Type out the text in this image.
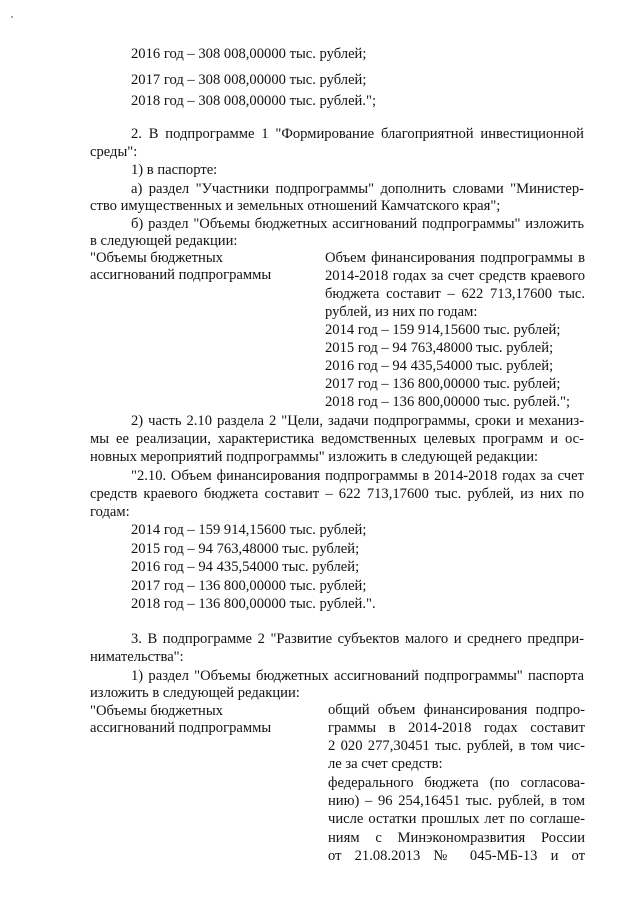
2016 год – 308 008,00000 тыс. рублей;
2017 год – 308 008,00000 тыс. рублей;
2018 год – 308 008,00000 тыс. рублей.";
2. В подпрограмме 1 "Формирование благоприятной инвестиционной
среды":
1) в паспорте:
а) раздел "Участники подпрограммы" дополнить словами "Министер-
ство имущественных и земельных отношений Камчатского края";
б) раздел "Объемы бюджетных ассигнований подпрограммы" изложить
в следующей редакции:
"Объемы бюджетных
ассигнований подпрограммы
Объем финансирования подпрограммы в
2014-2018 годах за счет средств краевого
бюджета составит – 622 713,17600 тыс.
рублей, из них по годам:
2014 год – 159 914,15600 тыс. рублей;
2015 год – 94 763,48000 тыс. рублей;
2016 год – 94 435,54000 тыс. рублей;
2017 год – 136 800,00000 тыс. рублей;
2018 год – 136 800,00000 тыс. рублей.";
2) часть 2.10 раздела 2 "Цели, задачи подпрограммы, сроки и механиз-
мы ее реализации, характеристика ведомственных целевых программ и ос-
новных мероприятий подпрограммы" изложить в следующей редакции:
"2.10. Объем финансирования подпрограммы в 2014-2018 годах за счет
средств краевого бюджета составит – 622 713,17600 тыс. рублей, из них по
годам:
2014 год – 159 914,15600 тыс. рублей;
2015 год – 94 763,48000 тыс. рублей;
2016 год – 94 435,54000 тыс. рублей;
2017 год – 136 800,00000 тыс. рублей;
2018 год – 136 800,00000 тыс. рублей.".
3. В подпрограмме 2 "Развитие субъектов малого и среднего предпри-
нимательства":
1) раздел "Объемы бюджетных ассигнований подпрограммы" паспорта
изложить в следующей редакции:
"Объемы бюджетных
ассигнований подпрограммы
общий объем финансирования подпро-
граммы в 2014-2018 годах составит
2 020 277,30451 тыс. рублей, в том чис-
ле за счет средств:
федерального бюджета (по согласова-
нию) – 96 254,16451 тыс. рублей, в том
числе остатки прошлых лет по соглаше-
ниям с Минэкономразвития России
от 21.08.2013 № 045-МБ-13 и от
